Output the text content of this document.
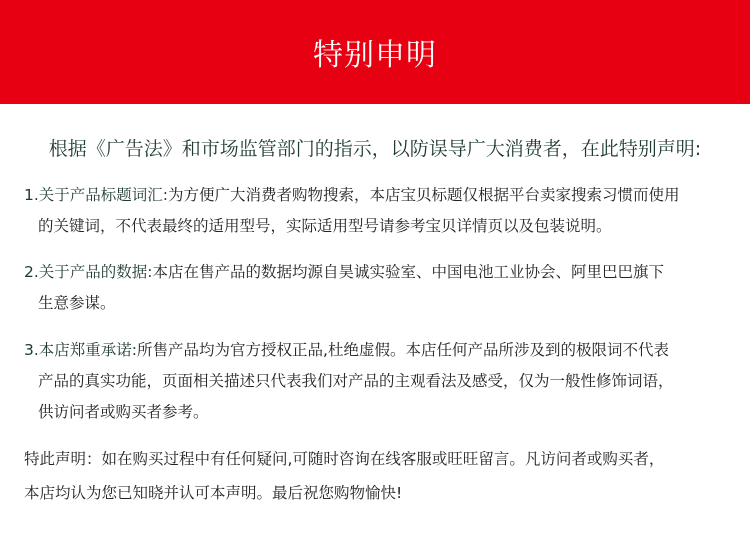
特别申明
根据《广告法》和市场监管部门的指示，以防误导广大消费者，在此特别声明:
1.关于产品标题词汇:为方便广大消费者购物搜索，本店宝贝标题仅根据平台卖家搜索习惯而使用
的关键词，不代表最终的适用型号，实际适用型号请参考宝贝详情页以及包装说明。
2.关于产品的数据:本店在售产品的数据均源自昊诚实验室、中国电池工业协会、阿里巴巴旗下
生意参谋。
3.本店郑重承诺:所售产品均为官方授权正品,杜绝虚假。本店任何产品所涉及到的极限词不代表
产品的真实功能，页面相关描述只代表我们对产品的主观看法及感受，仅为一般性修饰词语，
供访问者或购买者参考。
特此声明：如在购买过程中有任何疑问,可随时咨询在线客服或旺旺留言。凡访问者或购买者，
本店均认为您已知晓并认可本声明。最后祝您购物愉快!
